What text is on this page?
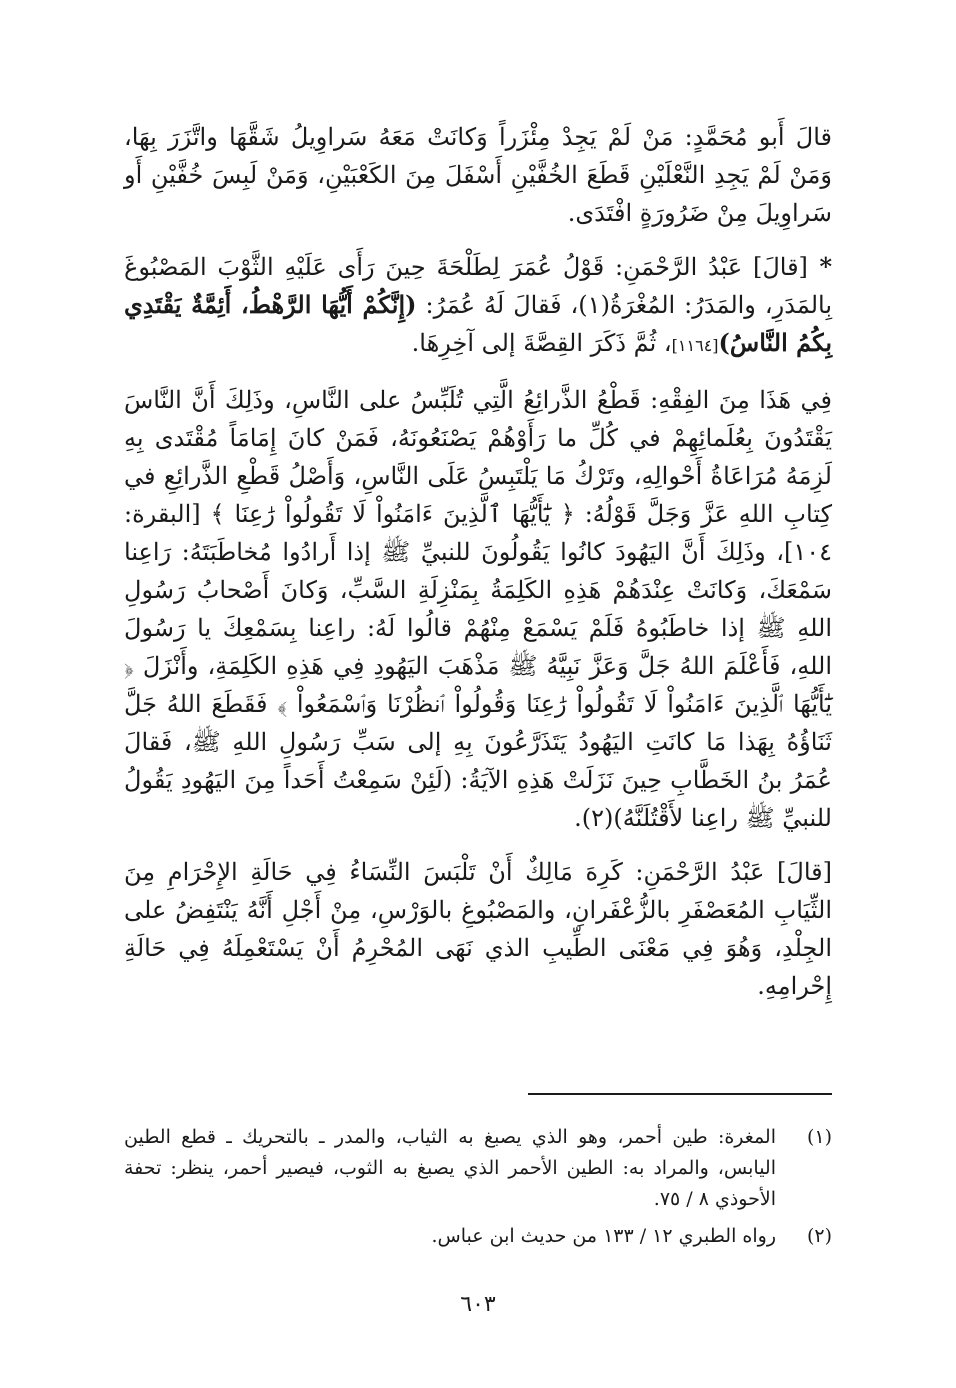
قالَ أَبو مُحَمَّدٍ: مَنْ لَمْ يَجِدْ مِئْزَراً وَكانَتْ مَعَهُ سَراوِيلُ شَقَّهَا واتَّزَرَ بِهَا، وَمَنْ لَمْ يَجِدِ النَّعْلَيْنِ قَطَعَ الخُفَّيْنِ أَسْفَلَ مِنَ الكَعْبَيْنِ، وَمَنْ لَبِسَ خُفَّيْنِ أَو سَراوِيلَ مِنْ ضَرُورَةٍ افْتَدَى.

* [قالَ] عَبْدُ الرَّحْمَنِ: قَوْلُ عُمَرَ لِطَلْحَةَ حِينَ رَأَى عَلَيْهِ الثَّوْبَ المَصْبُوغَ بِالمَدَرِ، والمَدَرُ: المُغْرَةُ(١)، فَقالَ لَهُ عُمَرُ: (إِنَّكُمْ أَيُّهَا الرَّهْطُ، أَئِمَّةٌ يَقْتَدِي بِكُمُ النَّاسُ)[١١٦٤]، ثُمَّ ذَكَرَ القِصَّةَ إلى آخِرِهَا.

فِي هَذَا مِنَ الفِقْهِ: قَطْعُ الذَّرائِعُ الَّتِي تُلَبِّسُ على النَّاسِ، وذَلِكَ أَنَّ النَّاسَ يَقْتَدُونَ بِعُلَمائِهِمْ في كُلِّ ما رَأَوْهُمْ يَصْنَعُونَهُ، فَمَنْ كانَ إِمَامَاً مُقْتَدى بِهِ لَزِمَهُ مُرَاعَاةُ أَحْوالِهِ، وتَرْكُ مَا يَلْتَبِسُ عَلَى النَّاسِ، وَأَصْلُ قَطْعِ الذَّرائِعِ في كِتابِ اللهِ عَزَّ وَجَلَّ قَوْلُهُ: ﴿ يَٰٓأَيُّهَا ٱلَّذِينَ ءَامَنُواْ لَا تَقُولُواْ رَٰعِنَا ﴾ [البقرة: ١٠٤]، وذَلِكَ أَنَّ اليَهُودَ كانُوا يَقُولُونَ للنبيِّ ﷺ إذا أَرادُوا مُخاطَبَتَهُ: رَاعِنا سَمْعَكَ، وَكانَتْ عِنْدَهُمْ هَذِهِ الكَلِمَةُ بِمَنْزِلَةِ السَّبِّ، وَكانَ أَصْحابُ رَسُولِ اللهِ ﷺ إذا خاطَبُوهُ فَلَمْ يَسْمَعْ مِنْهُمْ قالُوا لَهُ: راعِنا بِسَمْعِكَ يا رَسُولَ اللهِ، فَأَعْلَمَ اللهُ جَلَّ وَعَزَّ نَبِيَّهُ ﷺ مَذْهَبَ اليَهُودِ فِي هَذِهِ الكَلِمَةِ، وأَنْزَلَ ﴿ يَٰٓأَيُّهَا ٱلَّذِينَ ءَامَنُواْ لَا تَقُولُواْ رَٰعِنَا وَقُولُواْ ٱنظُرْنَا وَٱسْمَعُواْ ﴾ فَقَطَعَ اللهُ جَلَّ ثَنَاؤُهُ بِهَذا مَا كانَتِ اليَهُودُ يَتَذَرَّعُونَ بِهِ إلى سَبِّ رَسُولِ اللهِ ﷺ، فَقالَ عُمَرُ بنُ الخَطَّابِ حِينَ نَزَلَتْ هَذِهِ الآيَةُ: (لَئِنْ سَمِعْتُ أَحَداً مِنَ اليَهُودِ يَقُولُ للنبيِّ ﷺ راعِنا لأَقْتُلَنَّهُ)(٢).

[قالَ] عَبْدُ الرَّحْمَنِ: كَرِهَ مَالِكٌ أَنْ تَلْبَسَ النِّسَاءُ فِي حَالَةِ الإِحْرَامِ مِنَ الثِّيَابِ المُعَصْفَرِ بالزُّعْفَرانِ، والمَصْبُوغِ بالوَرْسِ، مِنْ أَجْلِ أَنَّهُ يَنْتَفِضُ على الجِلْدِ، وَهُوَ فِي مَعْنَى الطِّيبِ الذي نَهَى المُحْرِمُ أَنْ يَسْتَعْمِلَهُ فِي حَالَةِ إِحْرامِهِ.

(١)
المغرة: طين أحمر، وهو الذي يصبغ به الثياب، والمدر ـ بالتحريك ـ قطع الطين اليابس، والمراد به: الطين الأحمر الذي يصبغ به الثوب، فيصير أحمر، ينظر: تحفة الأحوذي ٨ / ٧٥.
(٢)
رواه الطبري ١٢ / ١٣٣ من حديث ابن عباس.
٦٠٣
